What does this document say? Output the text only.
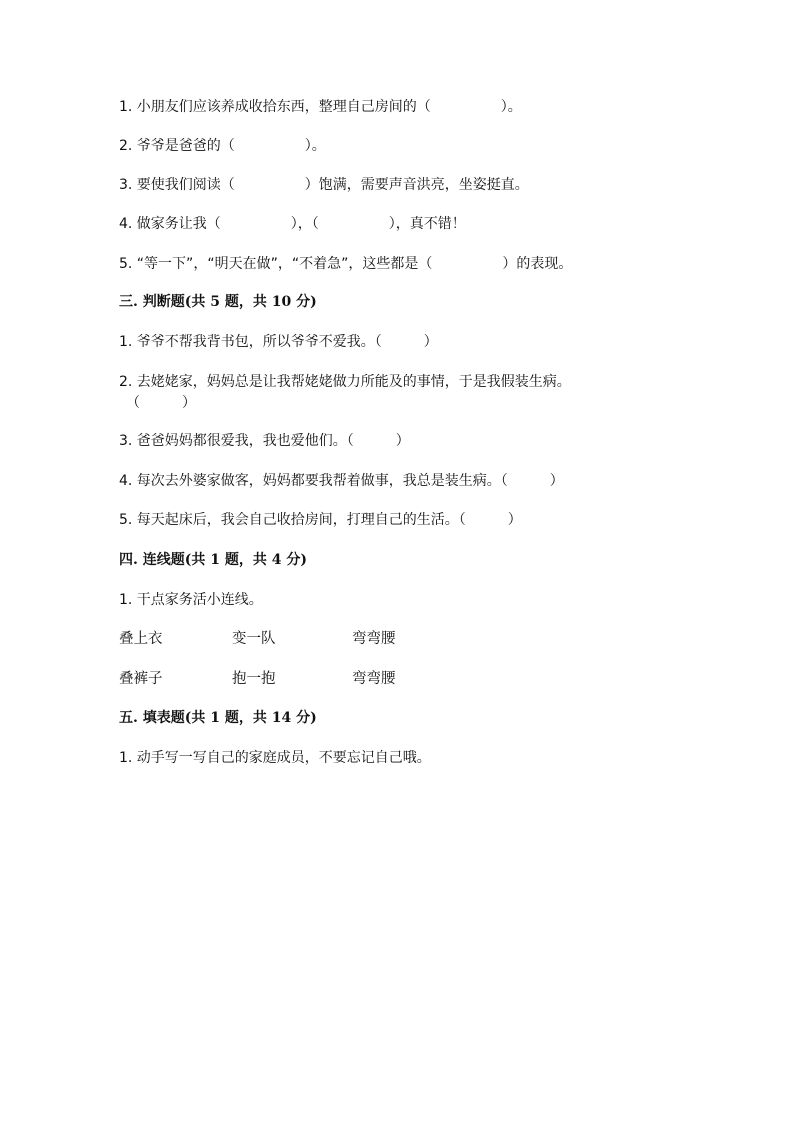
1. 小朋友们应该养成收拾东西，整理自己房间的（　　　　　）。
2. 爷爷是爸爸的（　　　　　）。
3. 要使我们阅读（　　　　　）饱满，需要声音洪亮，坐姿挺直。
4. 做家务让我（　　　　　），（　　　　　），真不错！
5. “等一下”，“明天在做”，“不着急”，这些都是（　　　　　）的表现。
三. 判断题(共 5 题，共 10 分)
1. 爷爷不帮我背书包，所以爷爷不爱我。（　　　）
2. 去姥姥家，妈妈总是让我帮姥姥做力所能及的事情，于是我假装生病。
（　　　）
3. 爸爸妈妈都很爱我，我也爱他们。（　　　）
4. 每次去外婆家做客，妈妈都要我帮着做事，我总是装生病。（　　　）
5. 每天起床后，我会自己收拾房间，打理自己的生活。（　　　）
四. 连线题(共 1 题，共 4 分)
1. 干点家务活小连线。
叠上衣	变一队	弯弯腰
叠裤子	抱一抱	弯弯腰
五. 填表题(共 1 题，共 14 分)
1. 动手写一写自己的家庭成员，不要忘记自己哦。
